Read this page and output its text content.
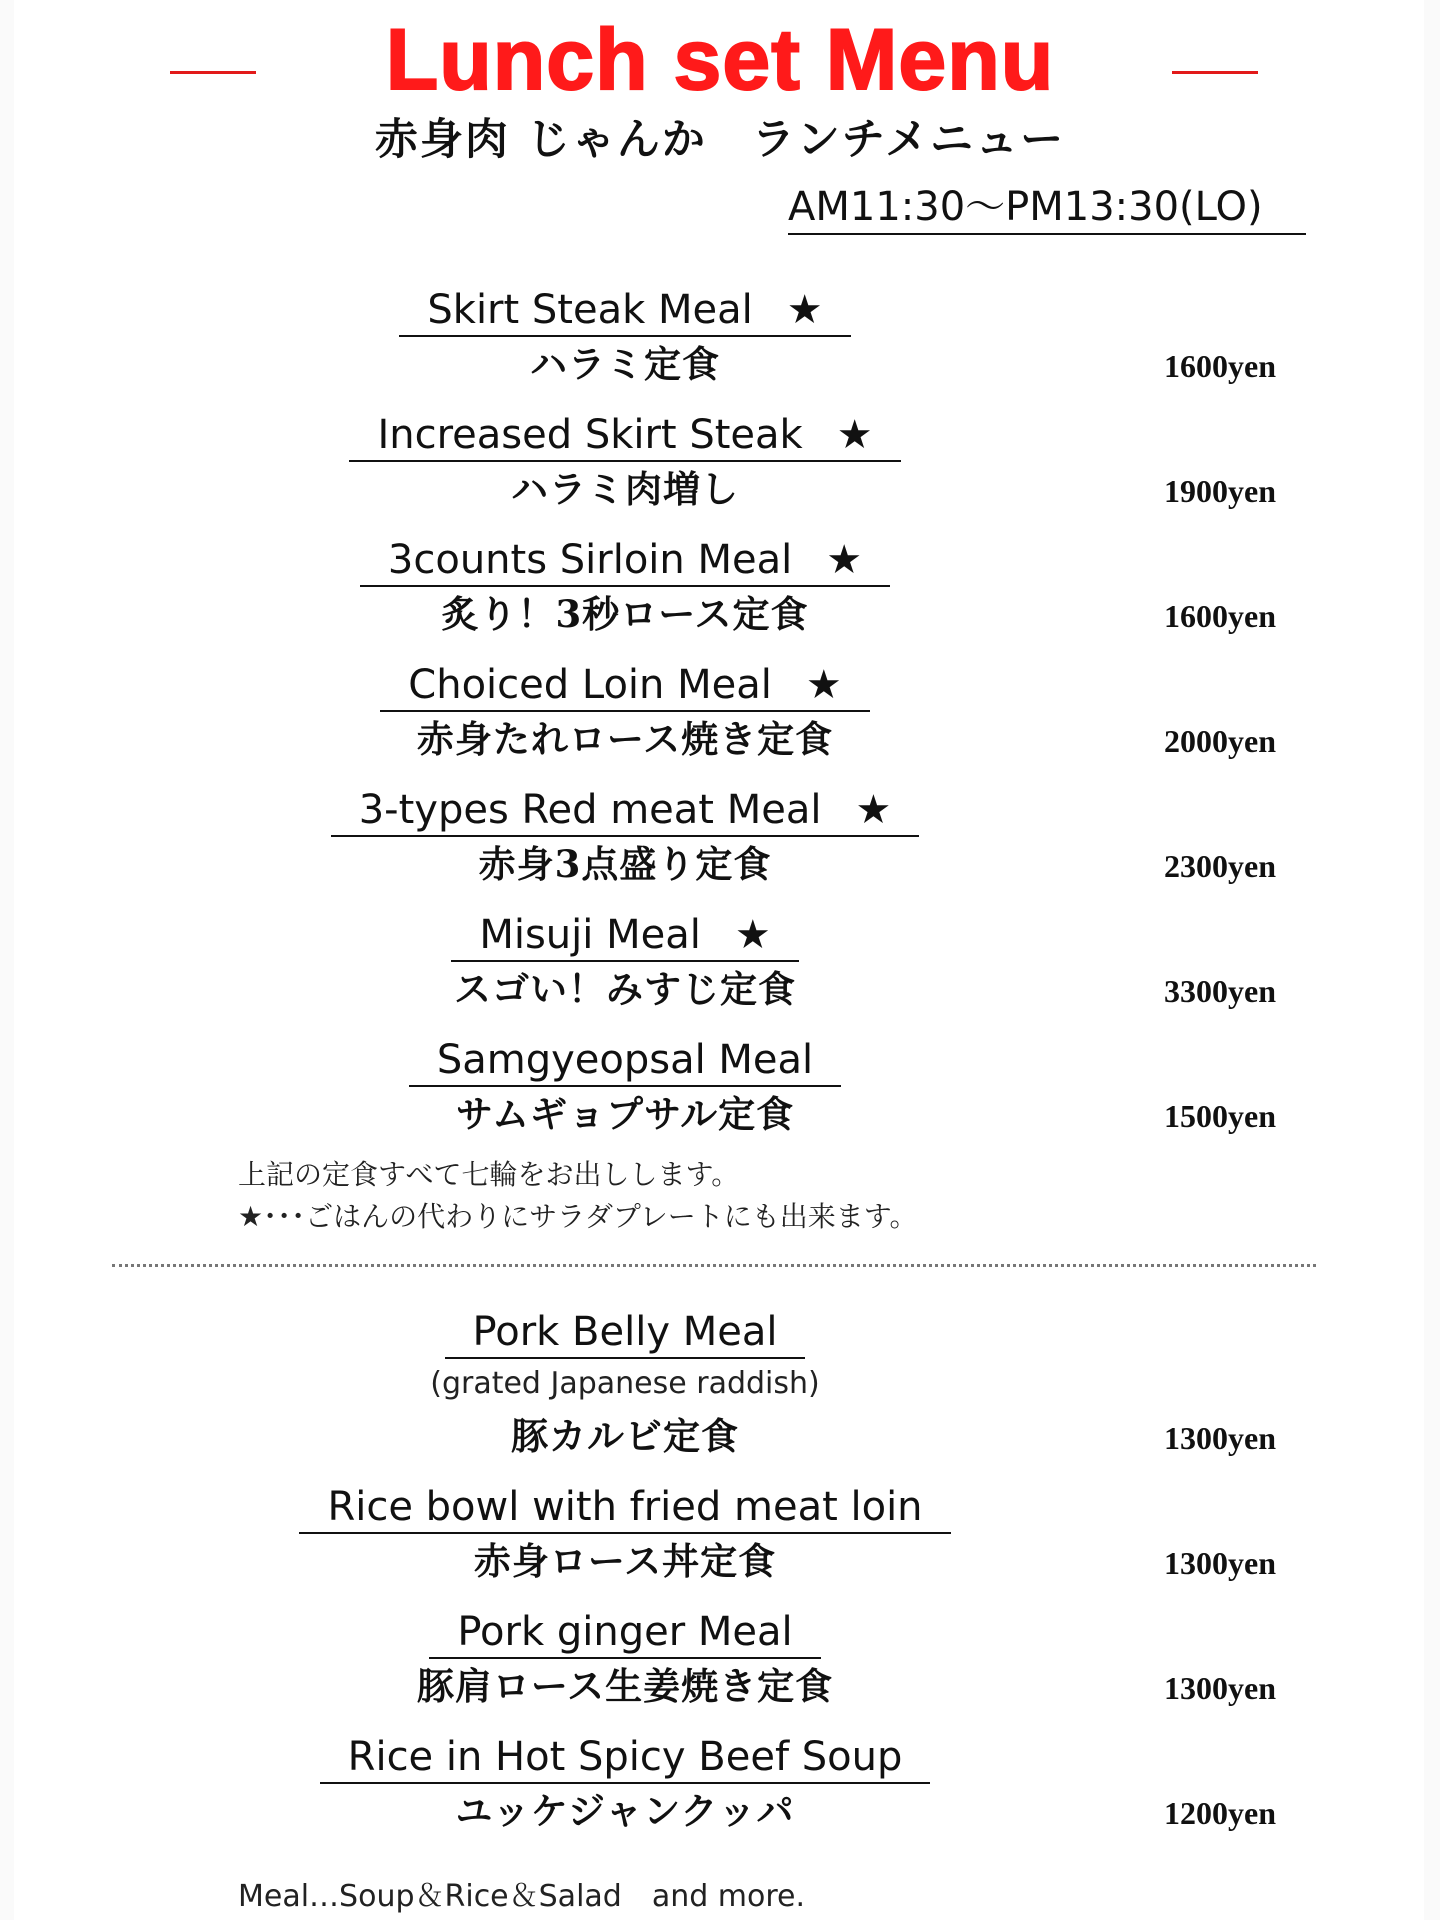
Lunch set Menu
赤身肉 じゃんか　ランチメニュー
AM11:30〜PM13:30(LO)
Skirt Steak Meal ★
ハラミ定食	1600yen
Increased Skirt Steak ★
ハラミ肉増し	1900yen
3counts Sirloin Meal ★
炙り！3秒ロース定食	1600yen
Choiced Loin Meal ★
赤身たれロース焼き定食	2000yen
3-types Red meat Meal ★
赤身3点盛り定食	2300yen
Misuji Meal ★
スゴい！みすじ定食	3300yen
Samgyeopsal Meal
サムギョプサル定食	1500yen
上記の定食すべて七輪をお出しします。
★･･･ごはんの代わりにサラダプレートにも出来ます。
Pork Belly Meal
(grated Japanese raddish)
豚カルビ定食	1300yen
Rice bowl with fried meat loin
赤身ロース丼定食	1300yen
Pork ginger Meal
豚肩ロース生姜焼き定食	1300yen
Rice in Hot Spicy Beef Soup
ユッケジャンクッパ	1200yen
Meal…Soup＆Rice＆Salad　and more.
